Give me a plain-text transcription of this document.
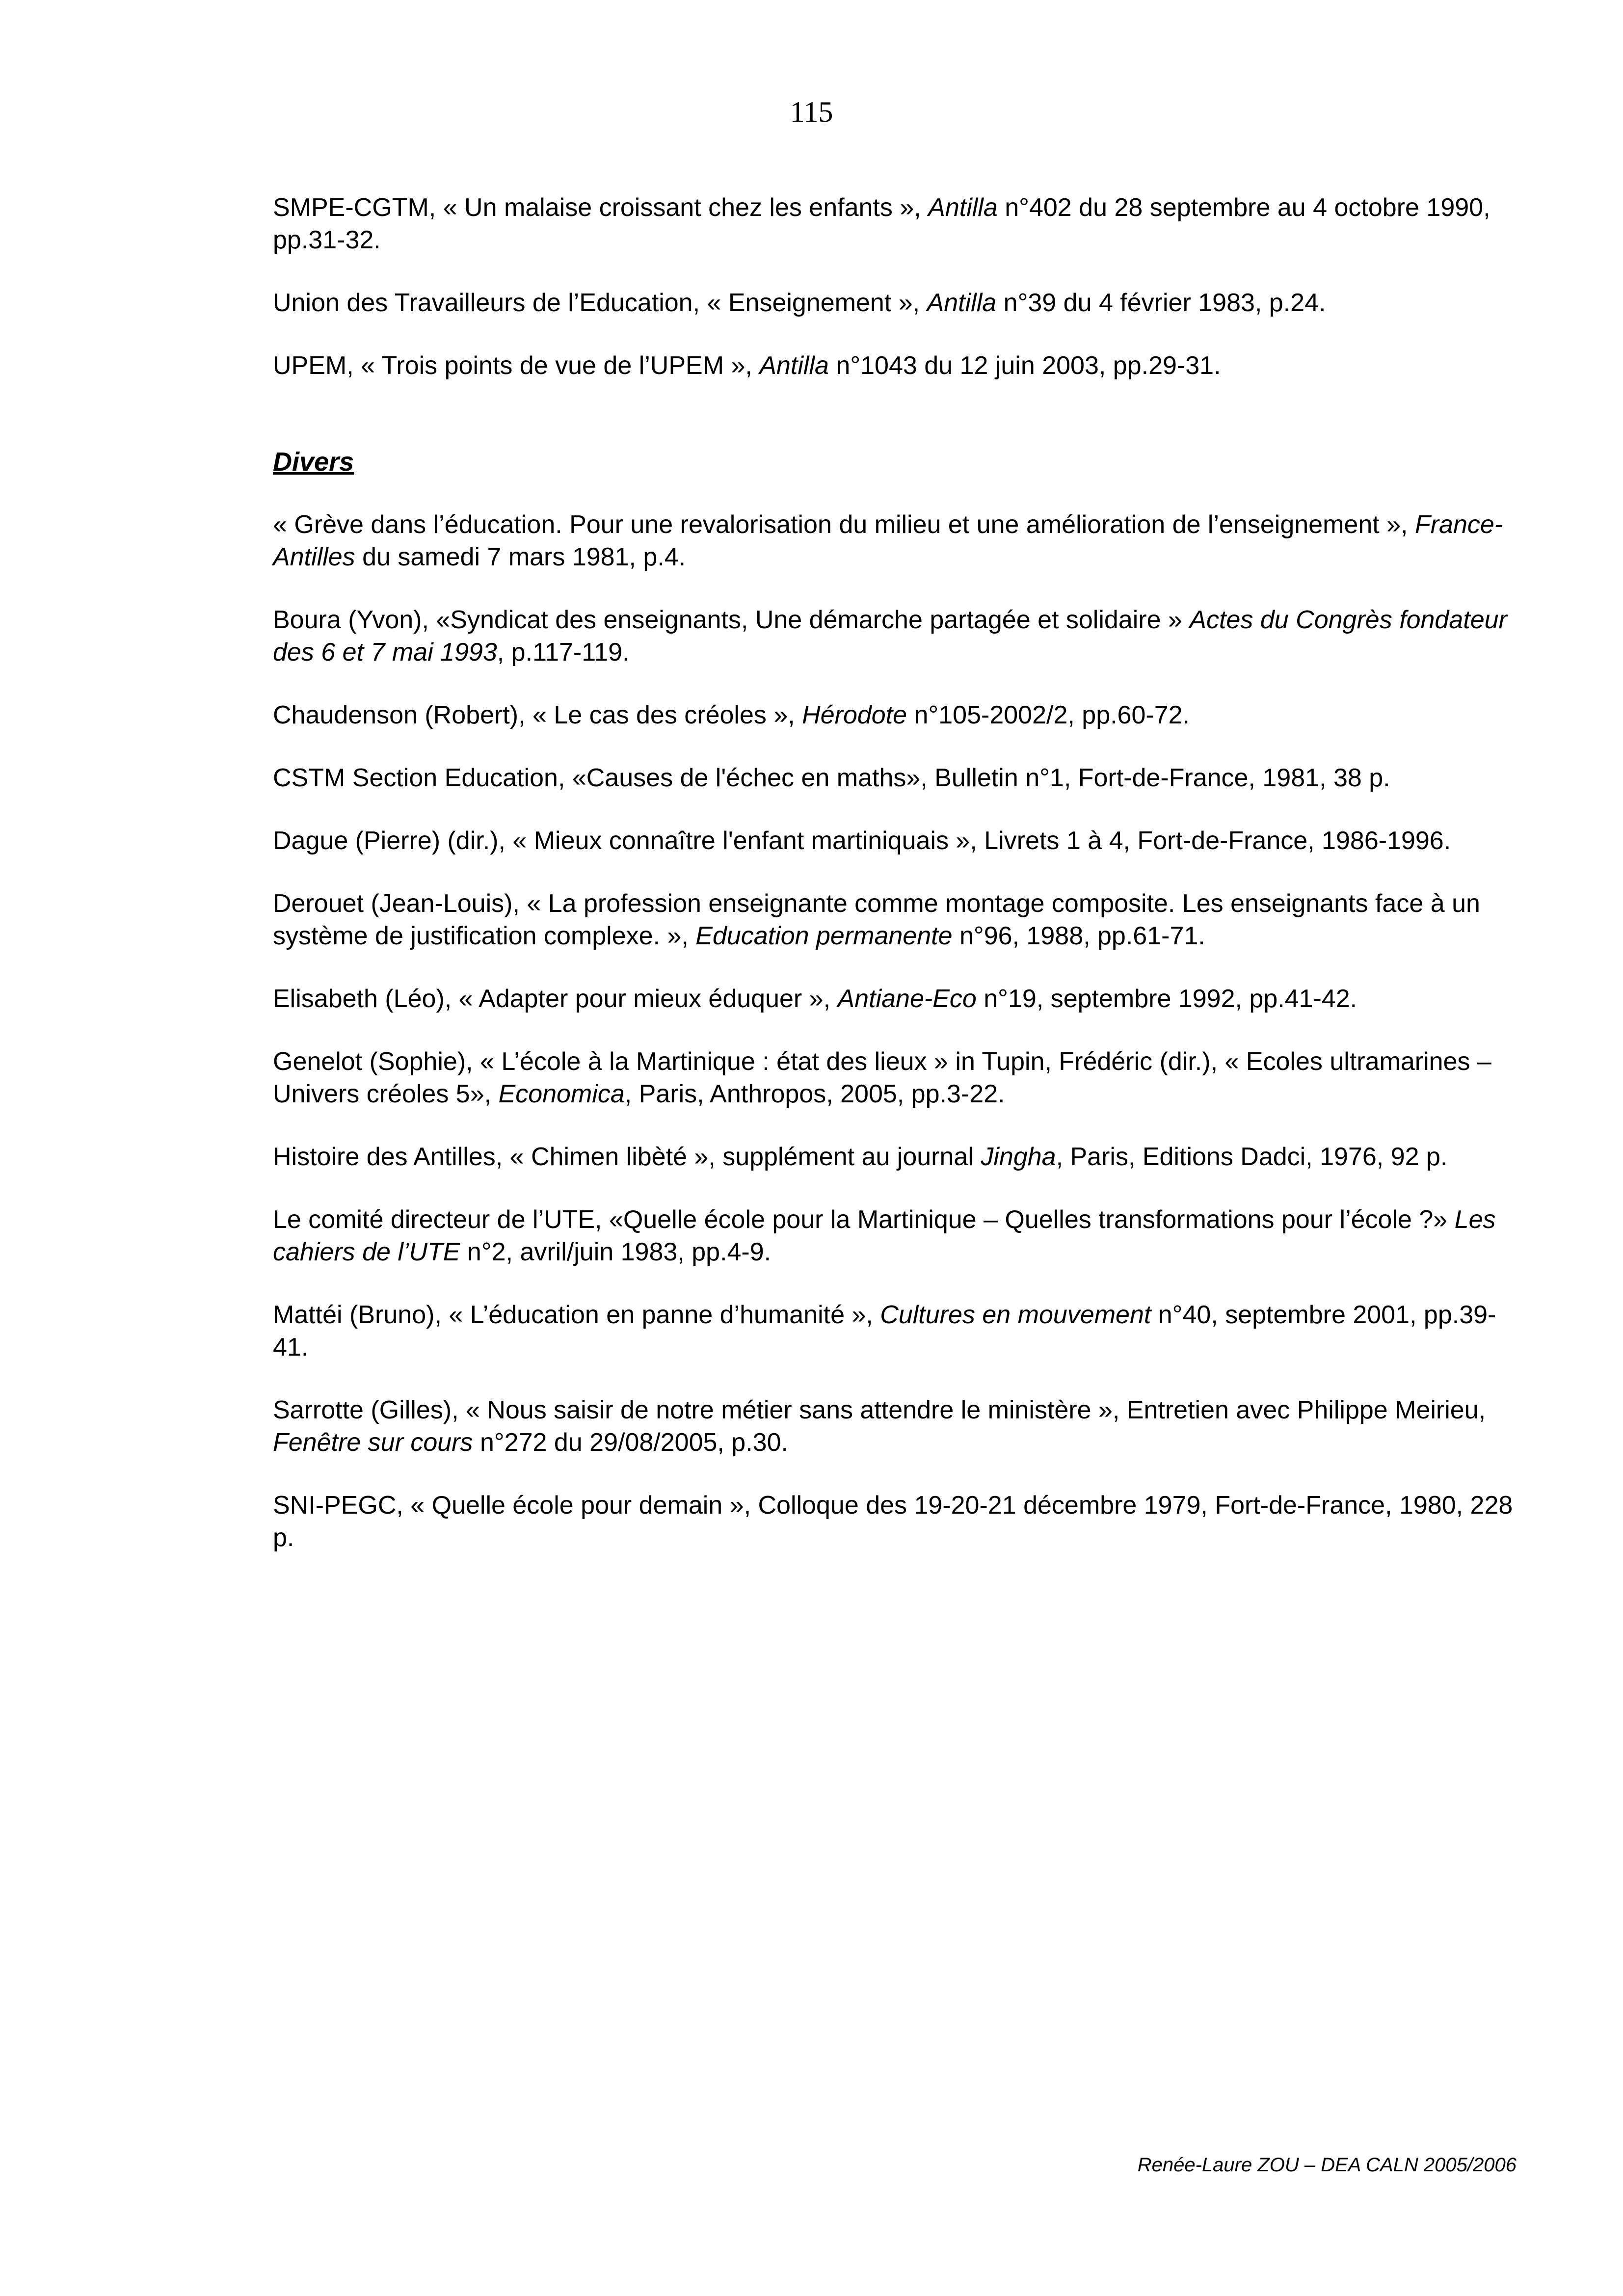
115

SMPE-CGTM, « Un malaise croissant chez les enfants », Antilla n°402 du 28 septembre au 4 octobre 1990, pp.31-32.

Union des Travailleurs de l’Education, « Enseignement », Antilla n°39 du 4 février 1983, p.24.

UPEM, « Trois points de vue de l’UPEM », Antilla n°1043 du 12 juin 2003, pp.29-31.

Divers

« Grève dans l’éducation. Pour une revalorisation du milieu et une amélioration de l’enseignement », France-Antilles du samedi 7 mars 1981, p.4.

Boura (Yvon), «Syndicat des enseignants, Une démarche partagée et solidaire » Actes du Congrès fondateur des 6 et 7 mai 1993, p.117-119.

Chaudenson (Robert), « Le cas des créoles », Hérodote n°105-2002/2, pp.60-72.

CSTM Section Education, «Causes de l'échec en maths», Bulletin n°1, Fort-de-France, 1981, 38 p.

Dague (Pierre) (dir.), « Mieux connaître l'enfant martiniquais », Livrets 1 à 4, Fort-de-France, 1986-1996.

Derouet (Jean-Louis), « La profession enseignante comme montage composite. Les enseignants face à un système de justification complexe. », Education permanente n°96, 1988, pp.61-71.

Elisabeth (Léo), « Adapter pour mieux éduquer », Antiane-Eco n°19, septembre 1992, pp.41-42.

Genelot (Sophie), « L’école à la Martinique : état des lieux » in Tupin, Frédéric (dir.), « Ecoles ultramarines – Univers créoles 5», Economica, Paris, Anthropos, 2005, pp.3-22.

Histoire des Antilles, « Chimen libèté », supplément au journal Jingha, Paris, Editions Dadci, 1976, 92 p.

Le comité directeur de l’UTE, «Quelle école pour la Martinique – Quelles transformations pour l’école ?» Les cahiers de l’UTE n°2, avril/juin 1983, pp.4-9.

Mattéi (Bruno), « L’éducation en panne d’humanité », Cultures en mouvement n°40, septembre 2001, pp.39-41.

Sarrotte (Gilles), « Nous saisir de notre métier sans attendre le ministère », Entretien avec Philippe Meirieu, Fenêtre sur cours n°272 du 29/08/2005, p.30.

SNI-PEGC, « Quelle école pour demain », Colloque des 19-20-21 décembre 1979, Fort-de-France, 1980, 228 p.

Renée-Laure ZOU – DEA CALN 2005/2006
